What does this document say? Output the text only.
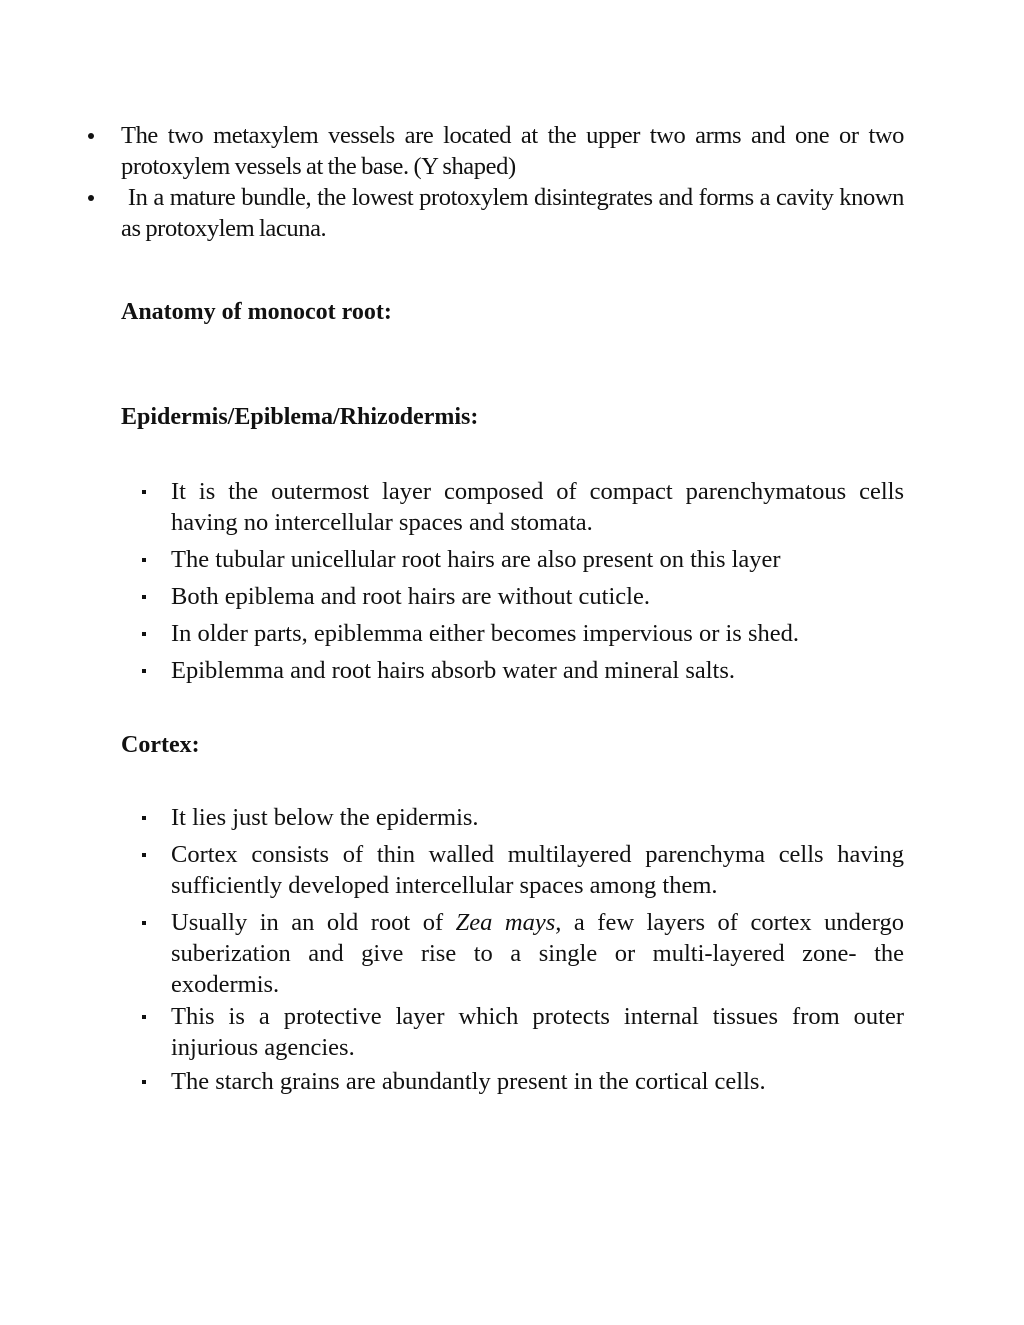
The two metaxylem vessels are located at the upper two arms and one or two protoxylem vessels at the base. (Y shaped)
In a mature bundle, the lowest protoxylem disintegrates and forms a cavity known as protoxylem lacuna.
Anatomy of monocot root:
Epidermis/Epiblema/Rhizodermis:
It is the outermost layer composed of compact parenchymatous cells having no intercellular spaces and stomata.
The tubular unicellular root hairs are also present on this layer
Both epiblema and root hairs are without cuticle.
In older parts, epiblemma either becomes impervious or is shed.
Epiblemma and root hairs absorb water and mineral salts.
Cortex:
It lies just below the epidermis.
Cortex consists of thin walled multilayered parenchyma cells having sufficiently developed intercellular spaces among them.
Usually in an old root of Zea mays, a few layers of cortex undergo suberization and give rise to a single or multi-layered zone- the exodermis.
This is a protective layer which protects internal tissues from outer injurious agencies.
The starch grains are abundantly present in the cortical cells.
